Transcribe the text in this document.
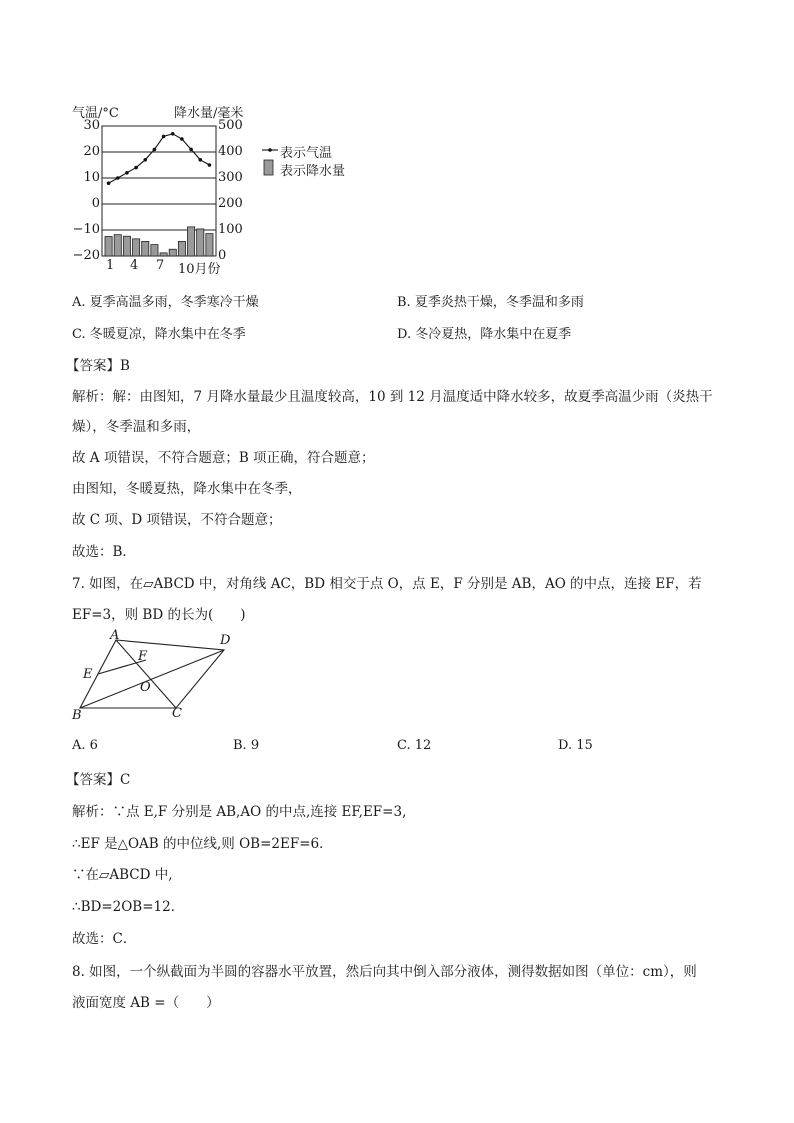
气温/°C	降水量/毫米
30
20
10
0
−10
−20
500
400
300
200
100
0
1 4 7 10月份
表示气温
表示降水量
A. 夏季高温多雨，冬季寒冷干燥	B. 夏季炎热干燥，冬季温和多雨
C. 冬暖夏凉，降水集中在冬季	D. 冬冷夏热，降水集中在夏季
【答案】B
解析：解：由图知，7 月降水量最少且温度较高，10 到 12 月温度适中降水较多，故夏季高温少雨（炎热干
燥），冬季温和多雨，
故 A 项错误，不符合题意；B 项正确，符合题意；
由图知，冬暖夏热，降水集中在冬季，
故 C 项、D 项错误，不符合题意；
故选：B．
7. 如图，在▱ABCD 中，对角线 AC，BD 相交于点 O，点 E，F 分别是 AB，AO 的中点，连接 EF，若
EF=3，则 BD 的长为(　　)
A	D
E
F
O
B	C
A. 6	B. 9	C. 12	D. 15
【答案】C
解析：∵点 E,F 分别是 AB,AO 的中点,连接 EF,EF=3,
∴EF 是△OAB 的中位线,则 OB=2EF=6．
∵在▱ABCD 中,
∴BD=2OB=12．
故选：C．
8. 如图，一个纵截面为半圆的容器水平放置，然后向其中倒入部分液体，测得数据如图（单位：cm），则
液面宽度 AB =（　　）
